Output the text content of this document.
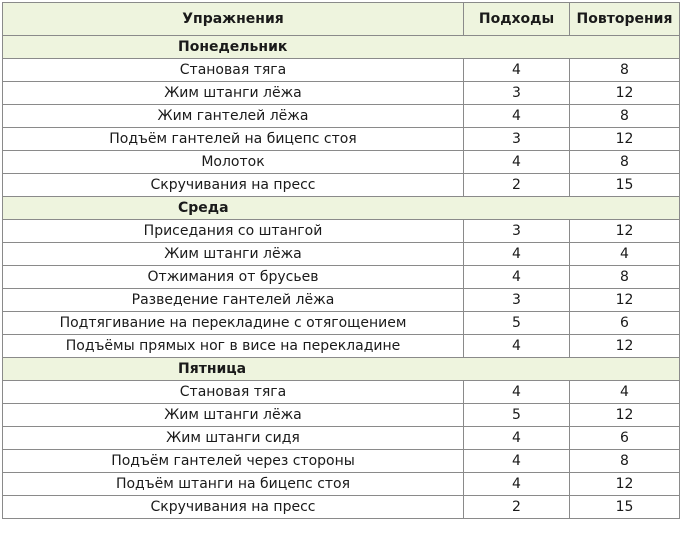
Упражнения	Подходы	Повторения
Понедельник		
Становая тяга	4	8
Жим штанги лёжа	3	12
Жим гантелей лёжа	4	8
Подъём гантелей на бицепс стоя	3	12
Молоток	4	8
Скручивания на пресс	2	15
Среда		
Приседания со штангой	3	12
Жим штанги лёжа	4	4
Отжимания от брусьев	4	8
Разведение гантелей лёжа	3	12
Подтягивание на перекладине с отягощением	5	6
Подъёмы прямых ног в висе на перекладине	4	12
Пятница		
Становая тяга	4	4
Жим штанги лёжа	5	12
Жим штанги сидя	4	6
Подъём гантелей через стороны	4	8
Подъём штанги на бицепс стоя	4	12
Скручивания на пресс	2	15
